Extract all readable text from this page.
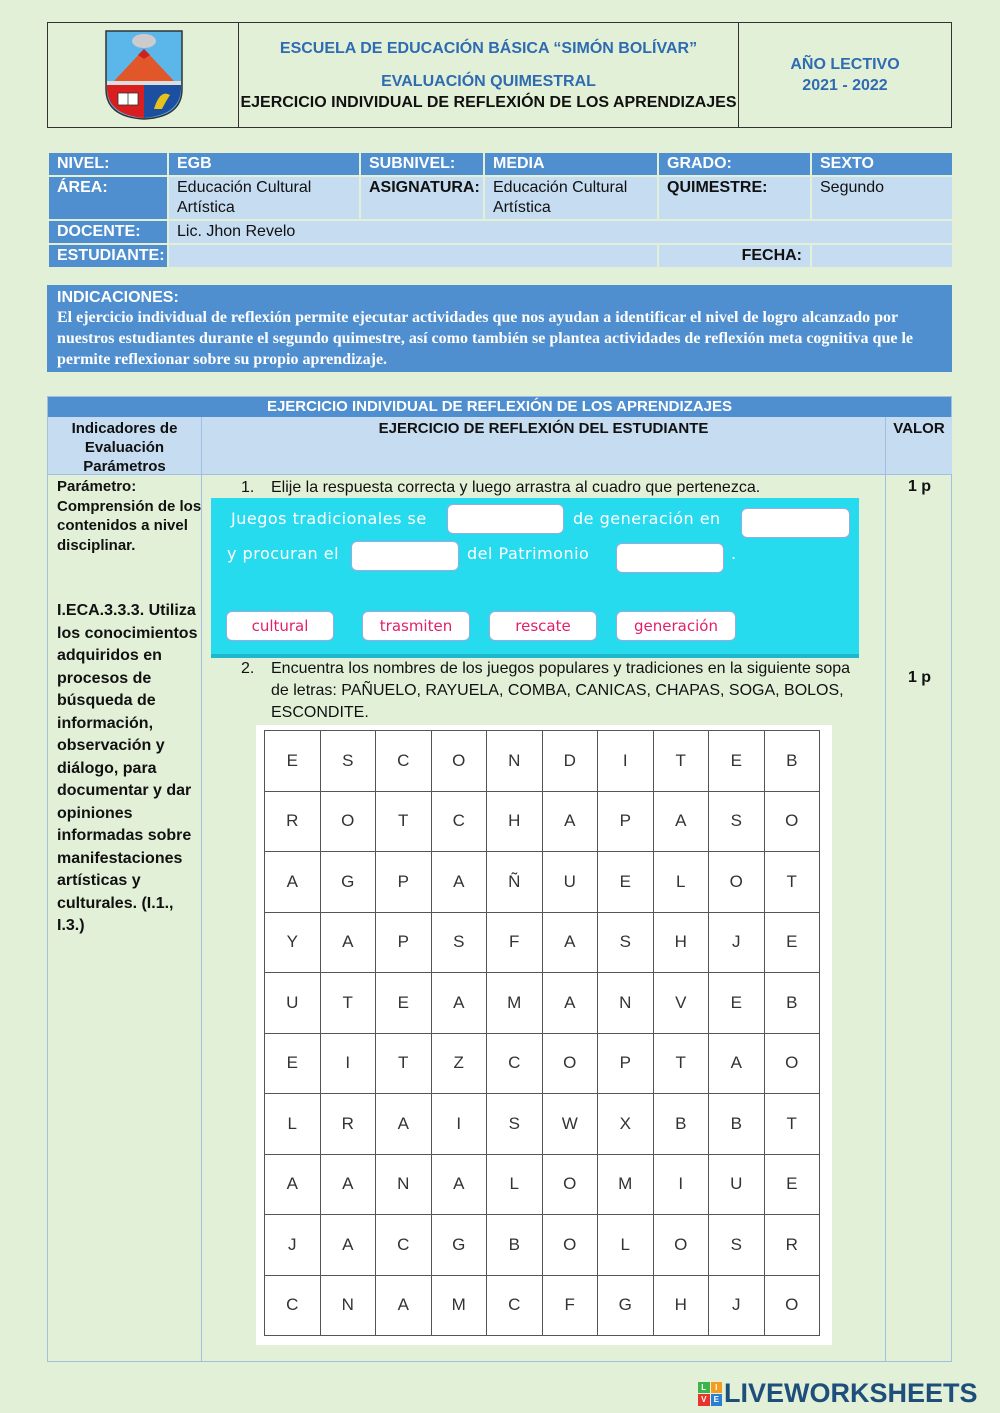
ESCUELA DE EDUCACIÓN BÁSICA “SIMÓN BOLÍVAR”
EVALUACIÓN QUIMESTRAL
EJERCICIO INDIVIDUAL DE REFLEXIÓN DE LOS APRENDIZAJES
AÑO LECTIVO
2021 - 2022
NIVEL:	EGB	SUBNIVEL:	MEDIA	GRADO:	SEXTO
ÁREA:	Educación Cultural Artística	ASIGNATURA:	Educación Cultural Artística	QUIMESTRE:	Segundo
DOCENTE:	Lic. Jhon Revelo				
ESTUDIANTE:				FECHA:	
INDICACIONES:
El ejercicio individual de reflexión permite ejecutar actividades que nos ayudan a identificar el nivel de logro alcanzado por nuestros estudiantes durante el segundo quimestre, así como también se plantea actividades de reflexión meta cognitiva que le permite reflexionar sobre su propio aprendizaje.
EJERCICIO INDIVIDUAL DE REFLEXIÓN DE LOS APRENDIZAJES
Indicadores de Evaluación Parámetros
EJERCICIO DE REFLEXIÓN DEL ESTUDIANTE	VALOR
Parámetro: Comprensión de los contenidos a nivel disciplinar.
I.ECA.3.3.3. Utiliza los conocimientos adquiridos en procesos de búsqueda de información, observación y diálogo, para documentar y dar opiniones informadas sobre manifestaciones artísticas y culturales. (I.1., I.3.)
1. Elije la respuesta correcta y luego arrastra al cuadro que pertenezca.	1 p
Juegos tradicionales se	de generación en
y procuran el	del Patrimonio	.
cultural	trasmiten	rescate	generación
2. Encuentra los nombres de los juegos populares y tradiciones en la siguiente sopa de letras: PAÑUELO, RAYUELA, COMBA, CANICAS, CHAPAS, SOGA, BOLOS, ESCONDITE.
1 p
E	S	C	O	N	D	I	T	E	B
R	O	T	C	H	A	P	A	S	O
A	G	P	A	Ñ	U	E	L	O	T
Y	A	P	S	F	A	S	H	J	E
U	T	E	A	M	A	N	V	E	B
E	I	T	Z	C	O	P	T	A	O
L	R	A	I	S	W	X	B	B	T
A	A	N	A	L	O	M	I	U	E
J	A	C	G	B	O	L	O	S	R
C	N	A	M	C	F	G	H	J	O
L	I
V E LIVEWORKSHEETS
